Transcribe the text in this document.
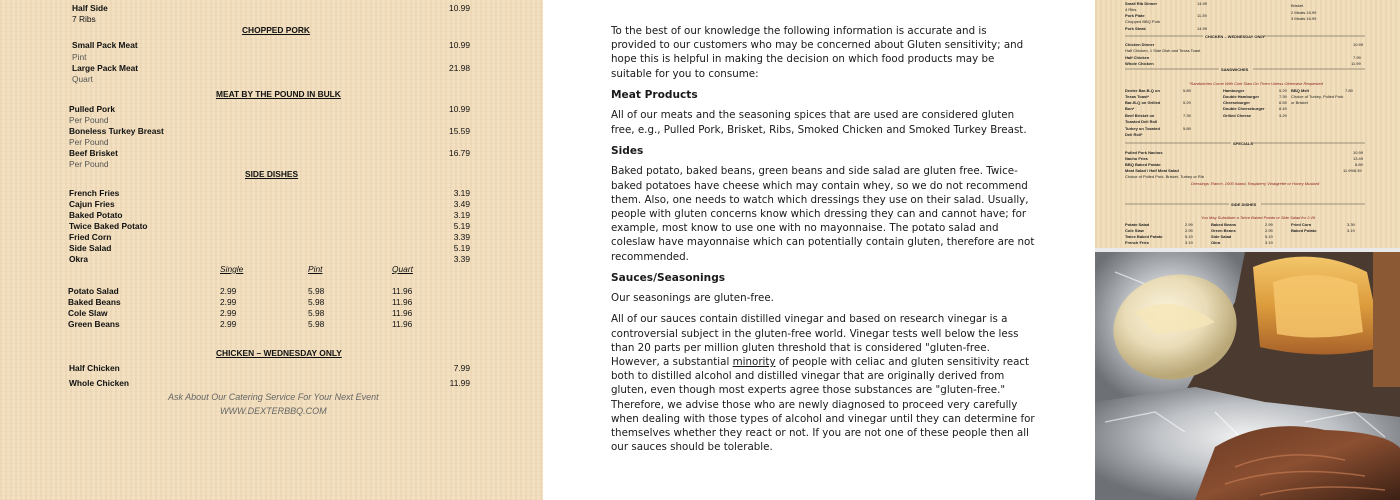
Half Side	10.99
7 Ribs
CHOPPED PORK
Small Pack Meat	10.99
Pint
Large Pack Meat	21.98
Quart
MEAT BY THE POUND IN BULK
Pulled Pork	10.99
Per Pound
Boneless Turkey Breast	15.59
Per Pound
Beef Brisket	16.79
Per Pound
SIDE DISHES
French Fries	3.19
Cajun Fries	3.49
Baked Potato	3.19
Twice Baked Potato	5.19
Fried Corn	3.39
Side Salad	5.19
Okra	3.39
Single	Pint	Quart
Potato Salad	2.99	5.98	11.96
Baked Beans	2.99	5.98	11.96
Cole Slaw	2.99	5.98	11.96
Green Beans	2.99	5.98	11.96
CHICKEN – WEDNESDAY ONLY
Half Chicken	7.99
Whole Chicken	11.99
Ask About Our Catering Service For Your Next Event
WWW.DEXTERBBQ.COM

To the best of our knowledge the following information is accurate and is provided to our customers who may be concerned about Gluten sensitivity; and hope this is helpful in making the decision on which food products may be suitable for you to consume:

Meat Products

All of our meats and the seasoning spices that are used are considered gluten free, e.g., Pulled Pork, Brisket, Ribs, Smoked Chicken and Smoked Turkey Breast.

Sides

Baked potato, baked beans, green beans and side salad are gluten free. Twice-baked potatoes have cheese which may contain whey, so we do not recommend them. Also, one needs to watch which dressings they use on their salad. Usually, people with gluten concerns know which dressing they can and cannot have; for example, most know to use one with no mayonnaise. The potato salad and coleslaw have mayonnaise which can potentially contain gluten, therefore are not recommended.

Sauces/Seasonings

Our seasonings are gluten-free.

All of our sauces contain distilled vinegar and based on research vinegar is a controversial subject in the gluten-free world. Vinegar tests well below the less than 20 parts per million gluten threshold that is considered "gluten-free. However, a substantial minority of people with celiac and gluten sensitivity react both to distilled alcohol and distilled vinegar that are originally derived from gluten, even though most experts agree those substances are "gluten-free." Therefore, we advise those who are newly diagnosed to proceed very carefully when dealing with those types of alcohol and vinegar until they can determine for themselves whether they react or not. If you are not one of these people then all our sauces should be tolerable.

Small Rib Dinner	14.99
4 Ribs
Pork Plate	11.39
Chopped BBQ Pork
Pork Steak	14.99
Brisket
2 Meats 15.99
3 Meats 16.99
CHICKEN – WEDNESDAY ONLY
Chicken Dinner	10.99
Half Chicken, 1 Side Dish and Texas Toast
Half Chicken	7.99
Whole Chicken	11.99
SANDWICHES
*Sandwiches Come With Cole Slaw On Them Unless Otherwise Requested
Dexter Bar-B-Q on	5.89
Texas Toast*
Bar-B-Q on Grilled	5.29
Bun*
Beef Brisket on	7.39
Toasted Deli Roll
Turkey on Toasted	5.89
Deli Roll*
Hamburger	5.29
Double Hamburger	7.39
Cheeseburger	6.59
Double Cheeseburger	8.49
Grilled Cheese	3.29
BBQ Melt	7.89
Choice of Turkey, Pulled Pork
or Brisket
SPECIALS
Pulled Pork Nachos	10.99
Nacho Fries	13.49
BBQ Baked Potato	8.89
Meat Salad / Half Meat Salad	11.99/8.39
Choice of Pulled Pork, Brisket, Turkey or Rib
Dressings: Ranch, 1000 Island, Raspberry Vinaigrette or Honey Mustard
SIDE DISHES
You May Substitute a Twice Baked Potato or Side Salad for 2.49
Potato Salad	2.99
Cole Slaw	2.99
Twice Baked Potato	5.19
French Fries	3.19
Baked Beans	2.99
Green Beans	2.99
Side Salad	5.19
Okra	3.19
Fried Corn	3.39
Baked Potato	3.19
